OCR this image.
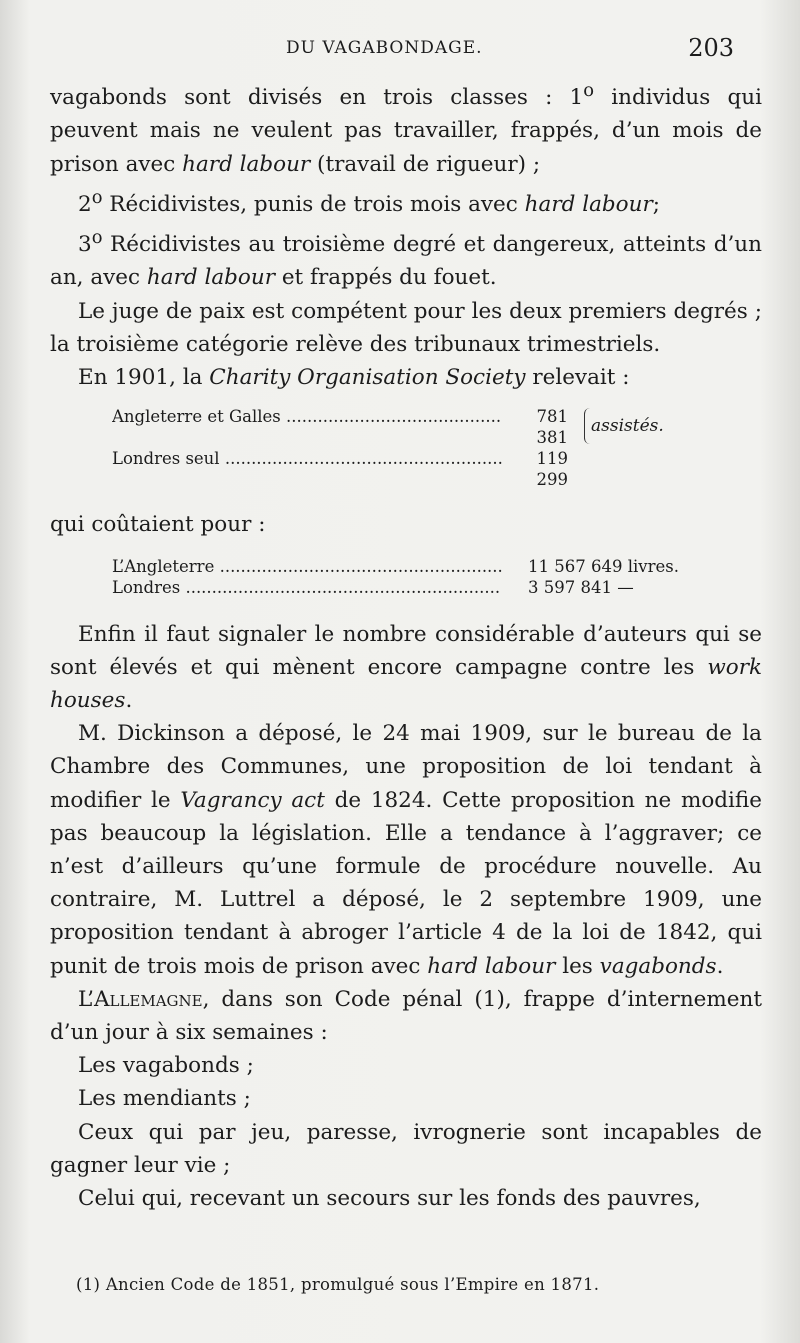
DU VAGABONDAGE.	203

vagabonds sont divisés en trois classes : 1$^o$ individus qui peuvent mais ne veulent pas travailler, frappés, d’un mois de prison avec hard labour (travail de rigueur) ;

2$^o$ Récidivistes, punis de trois mois avec hard labour;

3$^o$ Récidivistes au troisième degré et dangereux, atteints d’un an, avec hard labour et frappés du fouet.

Le juge de paix est compétent pour les deux premiers degrés ; la troisième catégorie relève des tribunaux trimestriels.

En 1901, la Charity Organisation Society relevait :

Angleterre et Galles .....	781 381
Londres seul .....	119 299
assistés.

qui coûtaient pour :

L’Angleterre .....	11 567 649 livres.
Londres .....	3 597 841 —

Enfin il faut signaler le nombre considérable d’auteurs qui se sont élevés et qui mènent encore campagne contre les work houses.

M. Dickinson a déposé, le 24 mai 1909, sur le bureau de la Chambre des Communes, une proposition de loi tendant à modifier le Vagrancy act de 1824. Cette proposition ne modifie pas beaucoup la législation. Elle a tendance à l’aggraver; ce n’est d’ailleurs qu’une formule de procédure nouvelle. Au contraire, M. Luttrel a déposé, le 2 septembre 1909, une proposition tendant à abroger l’article 4 de la loi de 1842, qui punit de trois mois de prison avec hard labour les vagabonds.

L’Allemagne, dans son Code pénal (1), frappe d’internement d’un jour à six semaines :

Les vagabonds ;

Les mendiants ;

Ceux qui par jeu, paresse, ivrognerie sont incapables de gagner leur vie ;

Celui qui, recevant un secours sur les fonds des pauvres,

(1) Ancien Code de 1851, promulgué sous l’Empire en 1871.
